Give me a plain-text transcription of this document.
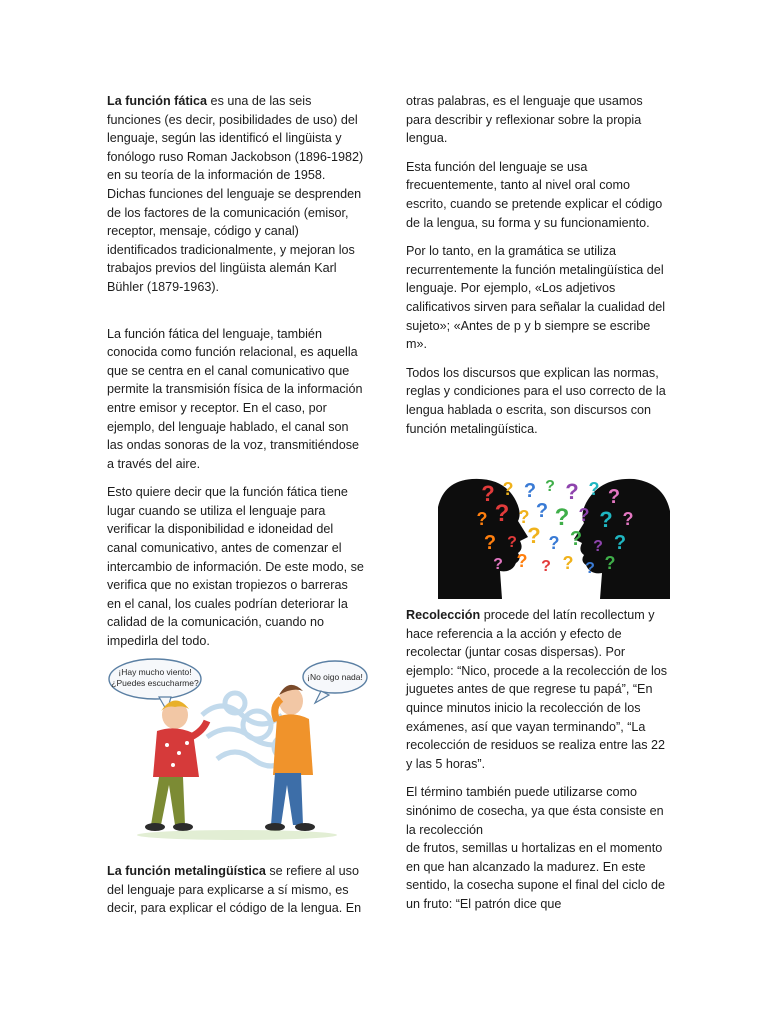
La función fática es una de las seis funciones (es decir, posibilidades de uso) del lenguaje, según las identificó el lingüista y fonólogo ruso Roman Jackobson (1896-1982) en su teoría de la información de 1958.

Dichas funciones del lenguaje se desprenden de los factores de la comunicación (emisor, receptor, mensaje, código y canal) identificados tradicionalmente, y mejoran los trabajos previos del lingüista alemán Karl Bühler (1879-1963).

La función fática del lenguaje, también conocida como función relacional, es aquella que se centra en el canal comunicativo que permite la transmisión física de la información entre emisor y receptor. En el caso, por ejemplo, del lenguaje hablado, el canal son las ondas sonoras de la voz, transmitiéndose a través del aire.

Esto quiere decir que la función fática tiene lugar cuando se utiliza el lenguaje para verificar la disponibilidad e idoneidad del canal comunicativo, antes de comenzar el intercambio de información. De este modo, se verifica que no existan tropiezos o barreras en el canal, los cuales podrían deteriorar la calidad de la comunicación, cuando no impedirla del todo.

¡Hay mucho viento!
¿Puedes escucharme?
¡No oigo nada!

La función metalingüística se refiere al uso del lenguaje para explicarse a sí mismo, es decir, para explicar el código de la lengua. En

otras palabras, es el lenguaje que usamos para describir y reflexionar sobre la propia lengua.

Esta función del lenguaje se usa frecuentemente, tanto al nivel oral como escrito, cuando se pretende explicar el código de la lengua, su forma y su funcionamiento.

Por lo tanto, en la gramática se utiliza recurrentemente la función metalingüística del lenguaje. Por ejemplo, «Los adjetivos calificativos sirven para señalar la cualidad del sujeto»; «Antes de p y b siempre se escribe m».

Todos los discursos que explican las normas, reglas y condiciones para el uso correcto de la lengua hablada o escrita, son discursos con función metalingüística.

? ? ? ? ? ? ?
? ? ? ? ? ? ? ?
? ? ? ? ? ? ?
? ? ? ? ? ?

Recolección procede del latín recollectum y hace referencia a la acción y efecto de recolectar (juntar cosas dispersas). Por ejemplo: “Nico, procede a la recolección de los juguetes antes de que regrese tu papá”, “En quince minutos inicio la recolección de los exámenes, así que vayan terminando”, “La recolección de residuos se realiza entre las 22 y las 5 horas”.

El término también puede utilizarse como sinónimo de cosecha, ya que ésta consiste en la recolección

de frutos, semillas u hortalizas en el momento en que han alcanzado la madurez. En este sentido, la cosecha supone el final del ciclo de un fruto: “El patrón dice que
